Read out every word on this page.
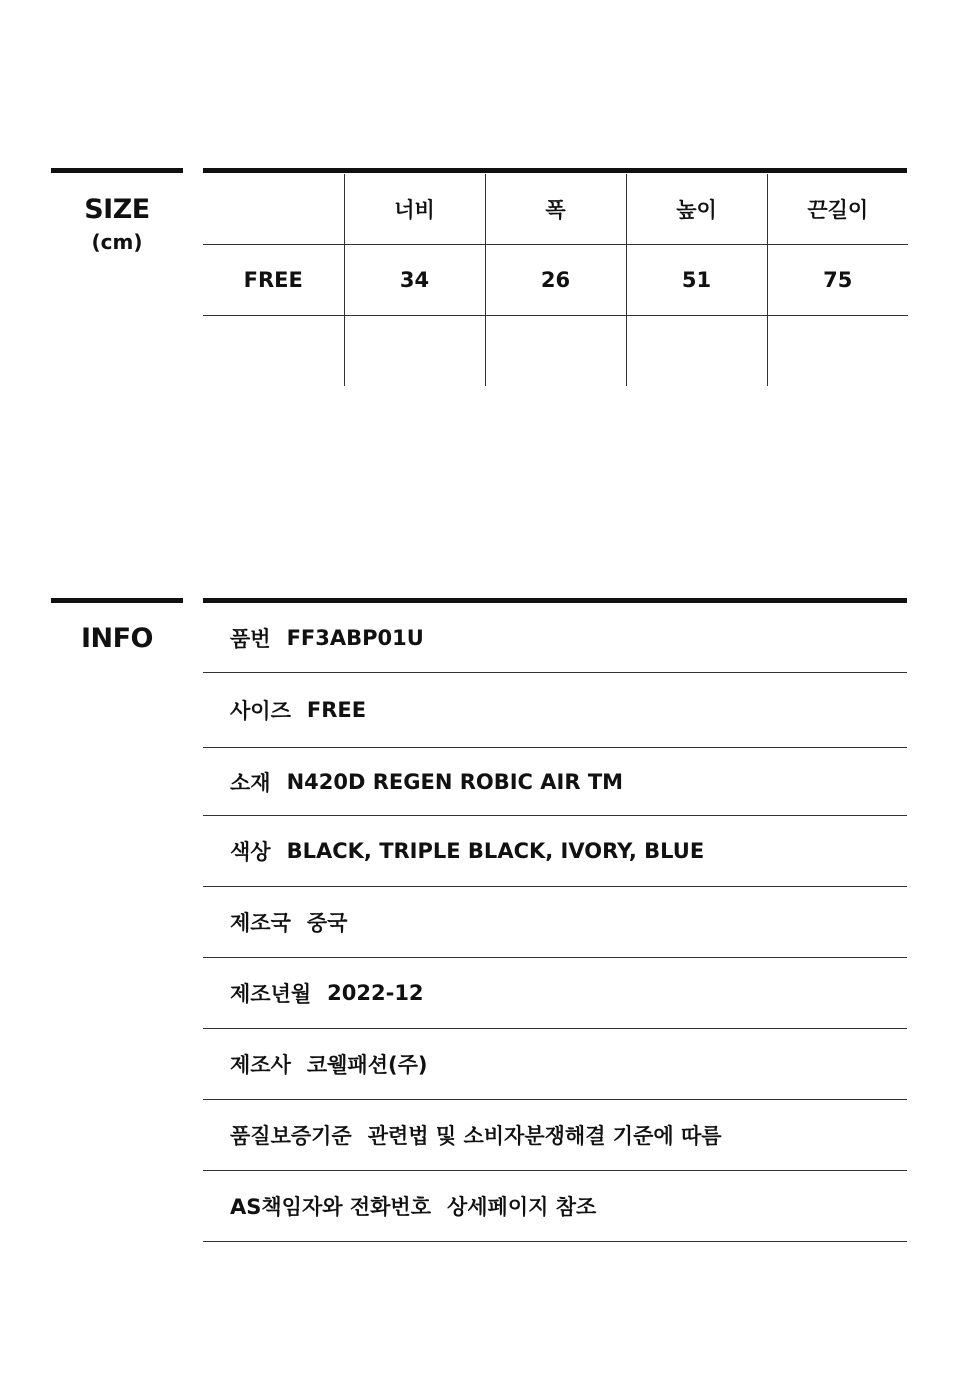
SIZE
(cm)
	너비	폭	높이	끈길이
FREE	34	26	51	75

INFO	품번 FF3ABP01U
사이즈 FREE
소재 N420D REGEN ROBIC AIR TM
색상 BLACK, TRIPLE BLACK, IVORY, BLUE
제조국 중국
제조년월 2022-12
제조사 코웰패션(주)
품질보증기준 관련법 및 소비자분쟁해결 기준에 따름
AS책임자와 전화번호 상세페이지 참조
